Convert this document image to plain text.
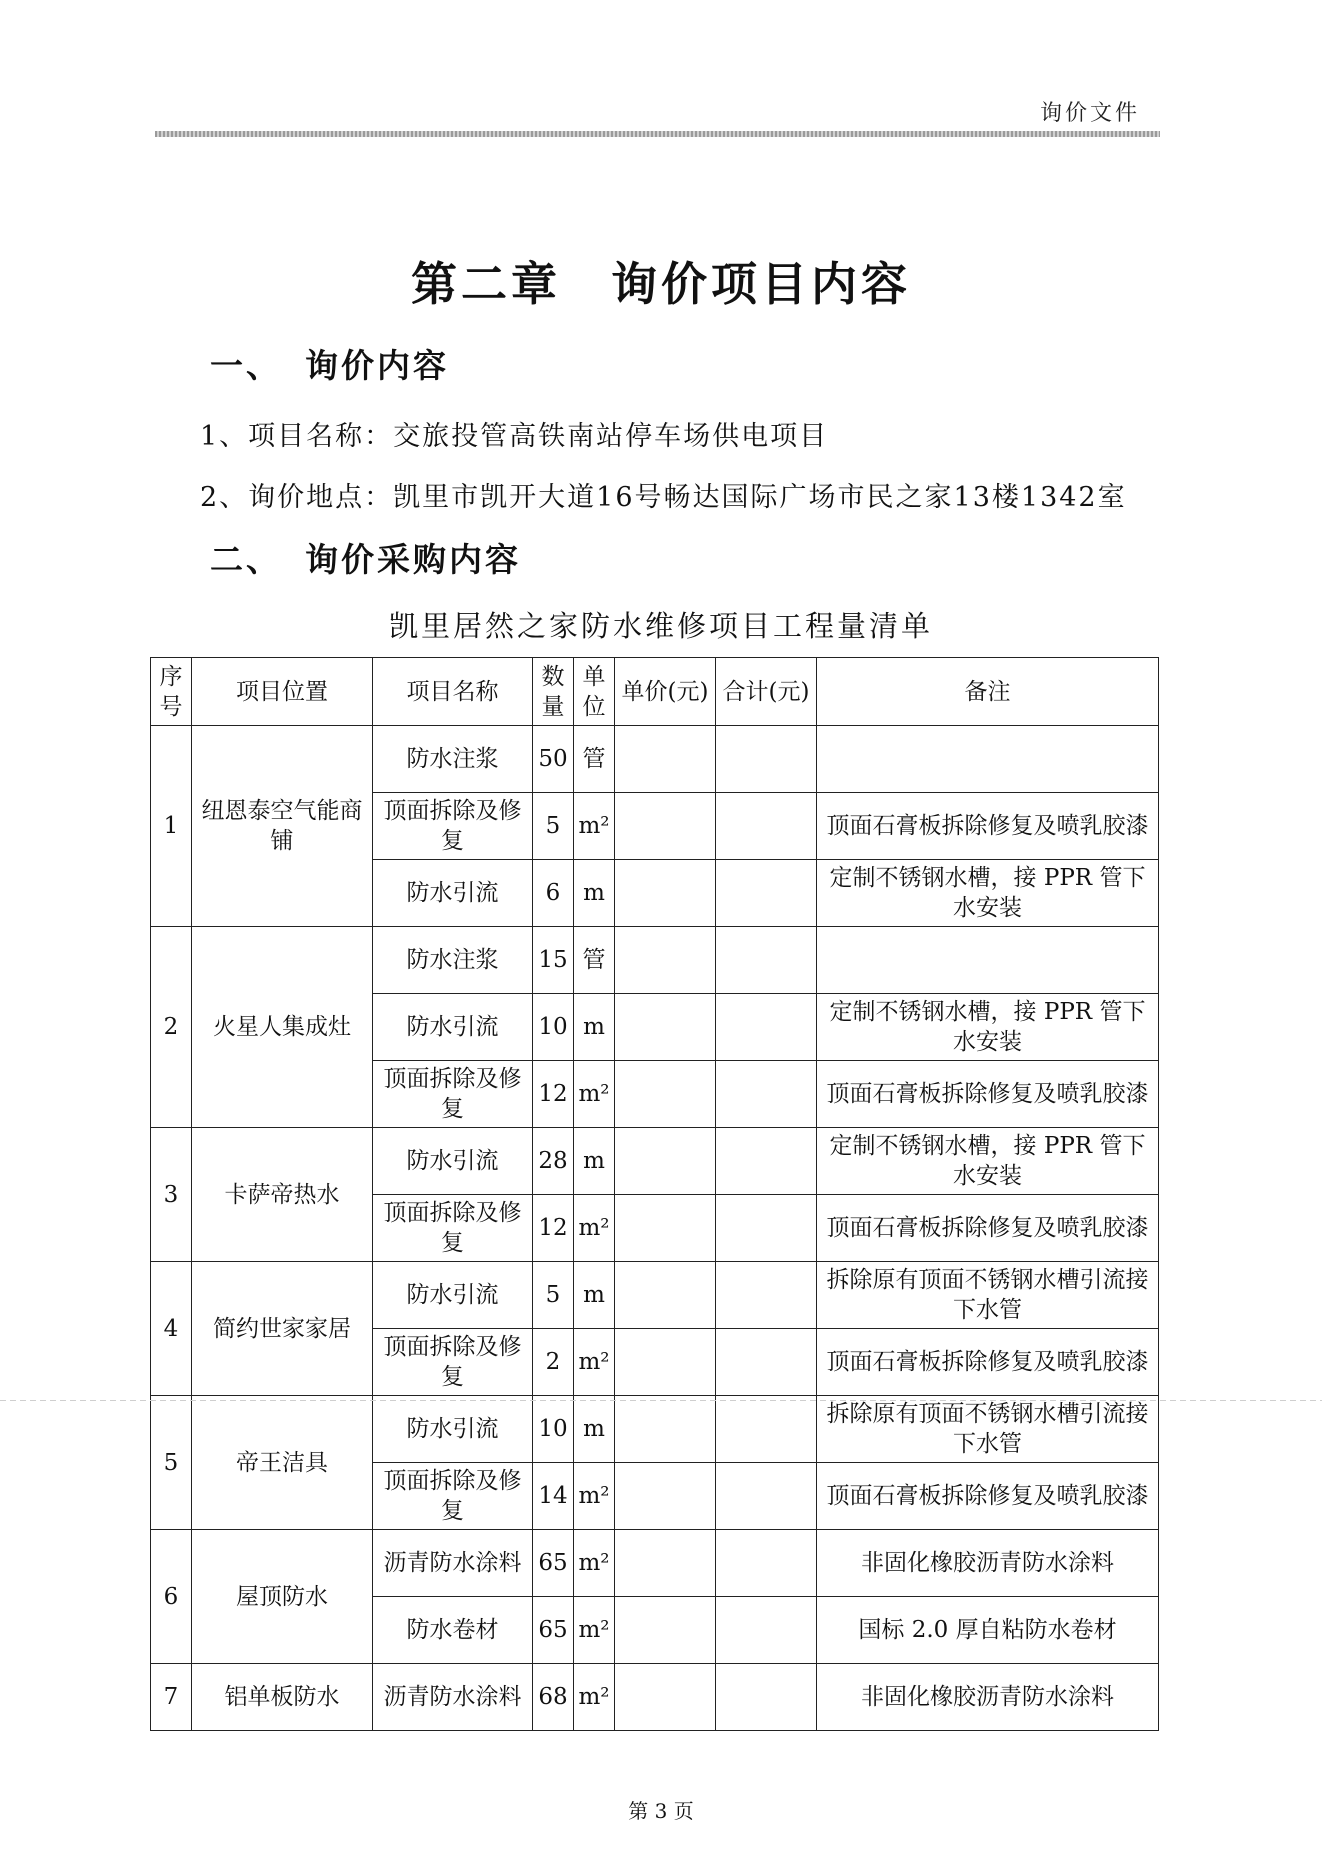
询价文件
第二章 询价项目内容
一、 询价内容
1、项目名称：交旅投管高铁南站停车场供电项目
2、询价地点：凯里市凯开大道16号畅达国际广场市民之家13楼1342室
二、 询价采购内容
凯里居然之家防水维修项目工程量清单
序号	项目位置	项目名称	数量	单位	单价(元)	合计(元)	备注
1	纽恩泰空气能商铺	防水注浆	50	管			
		顶面拆除及修复	5	m²			顶面石膏板拆除修复及喷乳胶漆
		防水引流	6	m			定制不锈钢水槽，接 PPR 管下水安装
2	火星人集成灶	防水注浆	15	管			
		防水引流	10	m			定制不锈钢水槽，接 PPR 管下水安装
		顶面拆除及修复	12	m²			顶面石膏板拆除修复及喷乳胶漆
3	卡萨帝热水	防水引流	28	m			定制不锈钢水槽，接 PPR 管下水安装
		顶面拆除及修复	12	m²			顶面石膏板拆除修复及喷乳胶漆
4	简约世家家居	防水引流	5	m			拆除原有顶面不锈钢水槽引流接下水管
		顶面拆除及修复	2	m²			顶面石膏板拆除修复及喷乳胶漆
5	帝王洁具	防水引流	10	m			拆除原有顶面不锈钢水槽引流接下水管
		顶面拆除及修复	14	m²			顶面石膏板拆除修复及喷乳胶漆
6	屋顶防水	沥青防水涂料	65	m²			非固化橡胶沥青防水涂料
		防水卷材	65	m²			国标 2.0 厚自粘防水卷材
7	铝单板防水	沥青防水涂料	68	m²			非固化橡胶沥青防水涂料
第 3 页
